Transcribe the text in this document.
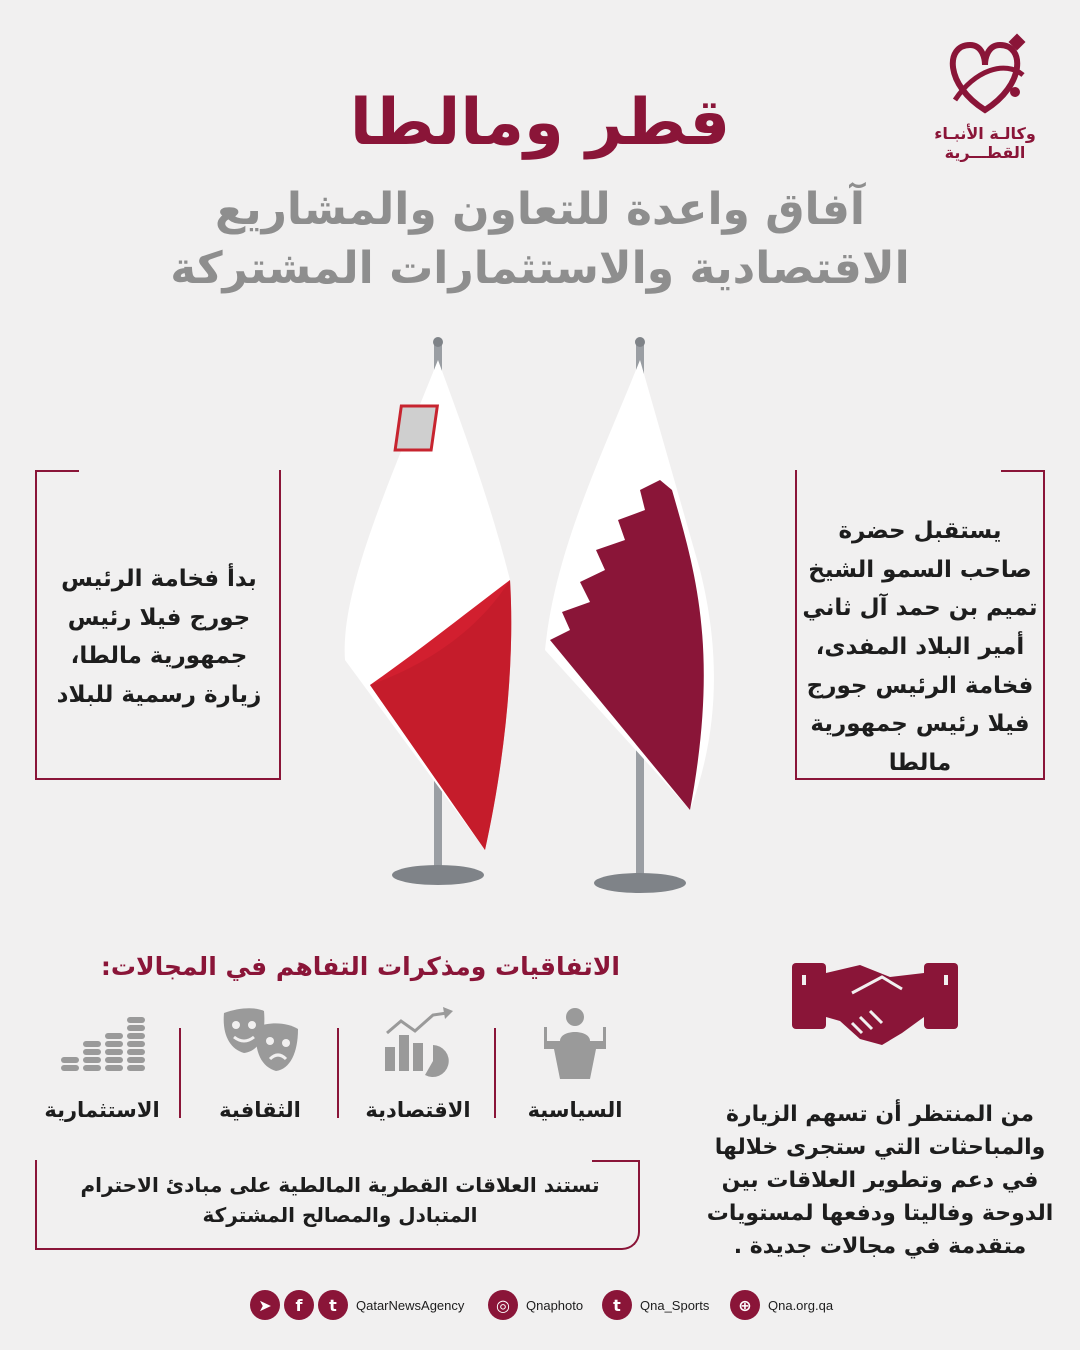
وكالـة الأنبـاء
القطـــرية
قطر ومالطا
آفاق واعدة للتعاون والمشاريع الاقتصادية والاستثمارات المشتركة
يستقبل حضرة صاحب السمو الشيخ تميم بن حمد آل ثاني أمير البلاد المفدى، فخامة الرئيس جورج فيلا رئيس جمهورية مالطا
بدأ فخامة الرئيس جورج فيلا رئيس جمهورية مالطا، زيارة رسمية للبلاد
من المنتظر أن تسهم الزيارة والمباحثات التي ستجرى خلالها في دعم وتطوير العلاقات بين الدوحة وفاليتا ودفعها لمستويات متقدمة في مجالات جديدة .
الاتفاقيات ومذكرات التفاهم في المجالات:
السياسية
الاقتصادية
الثقافية
الاستثمارية
تستند العلاقات القطرية المالطية على مبادئ الاحترام المتبادل والمصالح المشتركة
➤	f	t	QatarNewsAgency	◎	Qnaphoto	t	Qna_Sports	⊕	Qna.org.qa
